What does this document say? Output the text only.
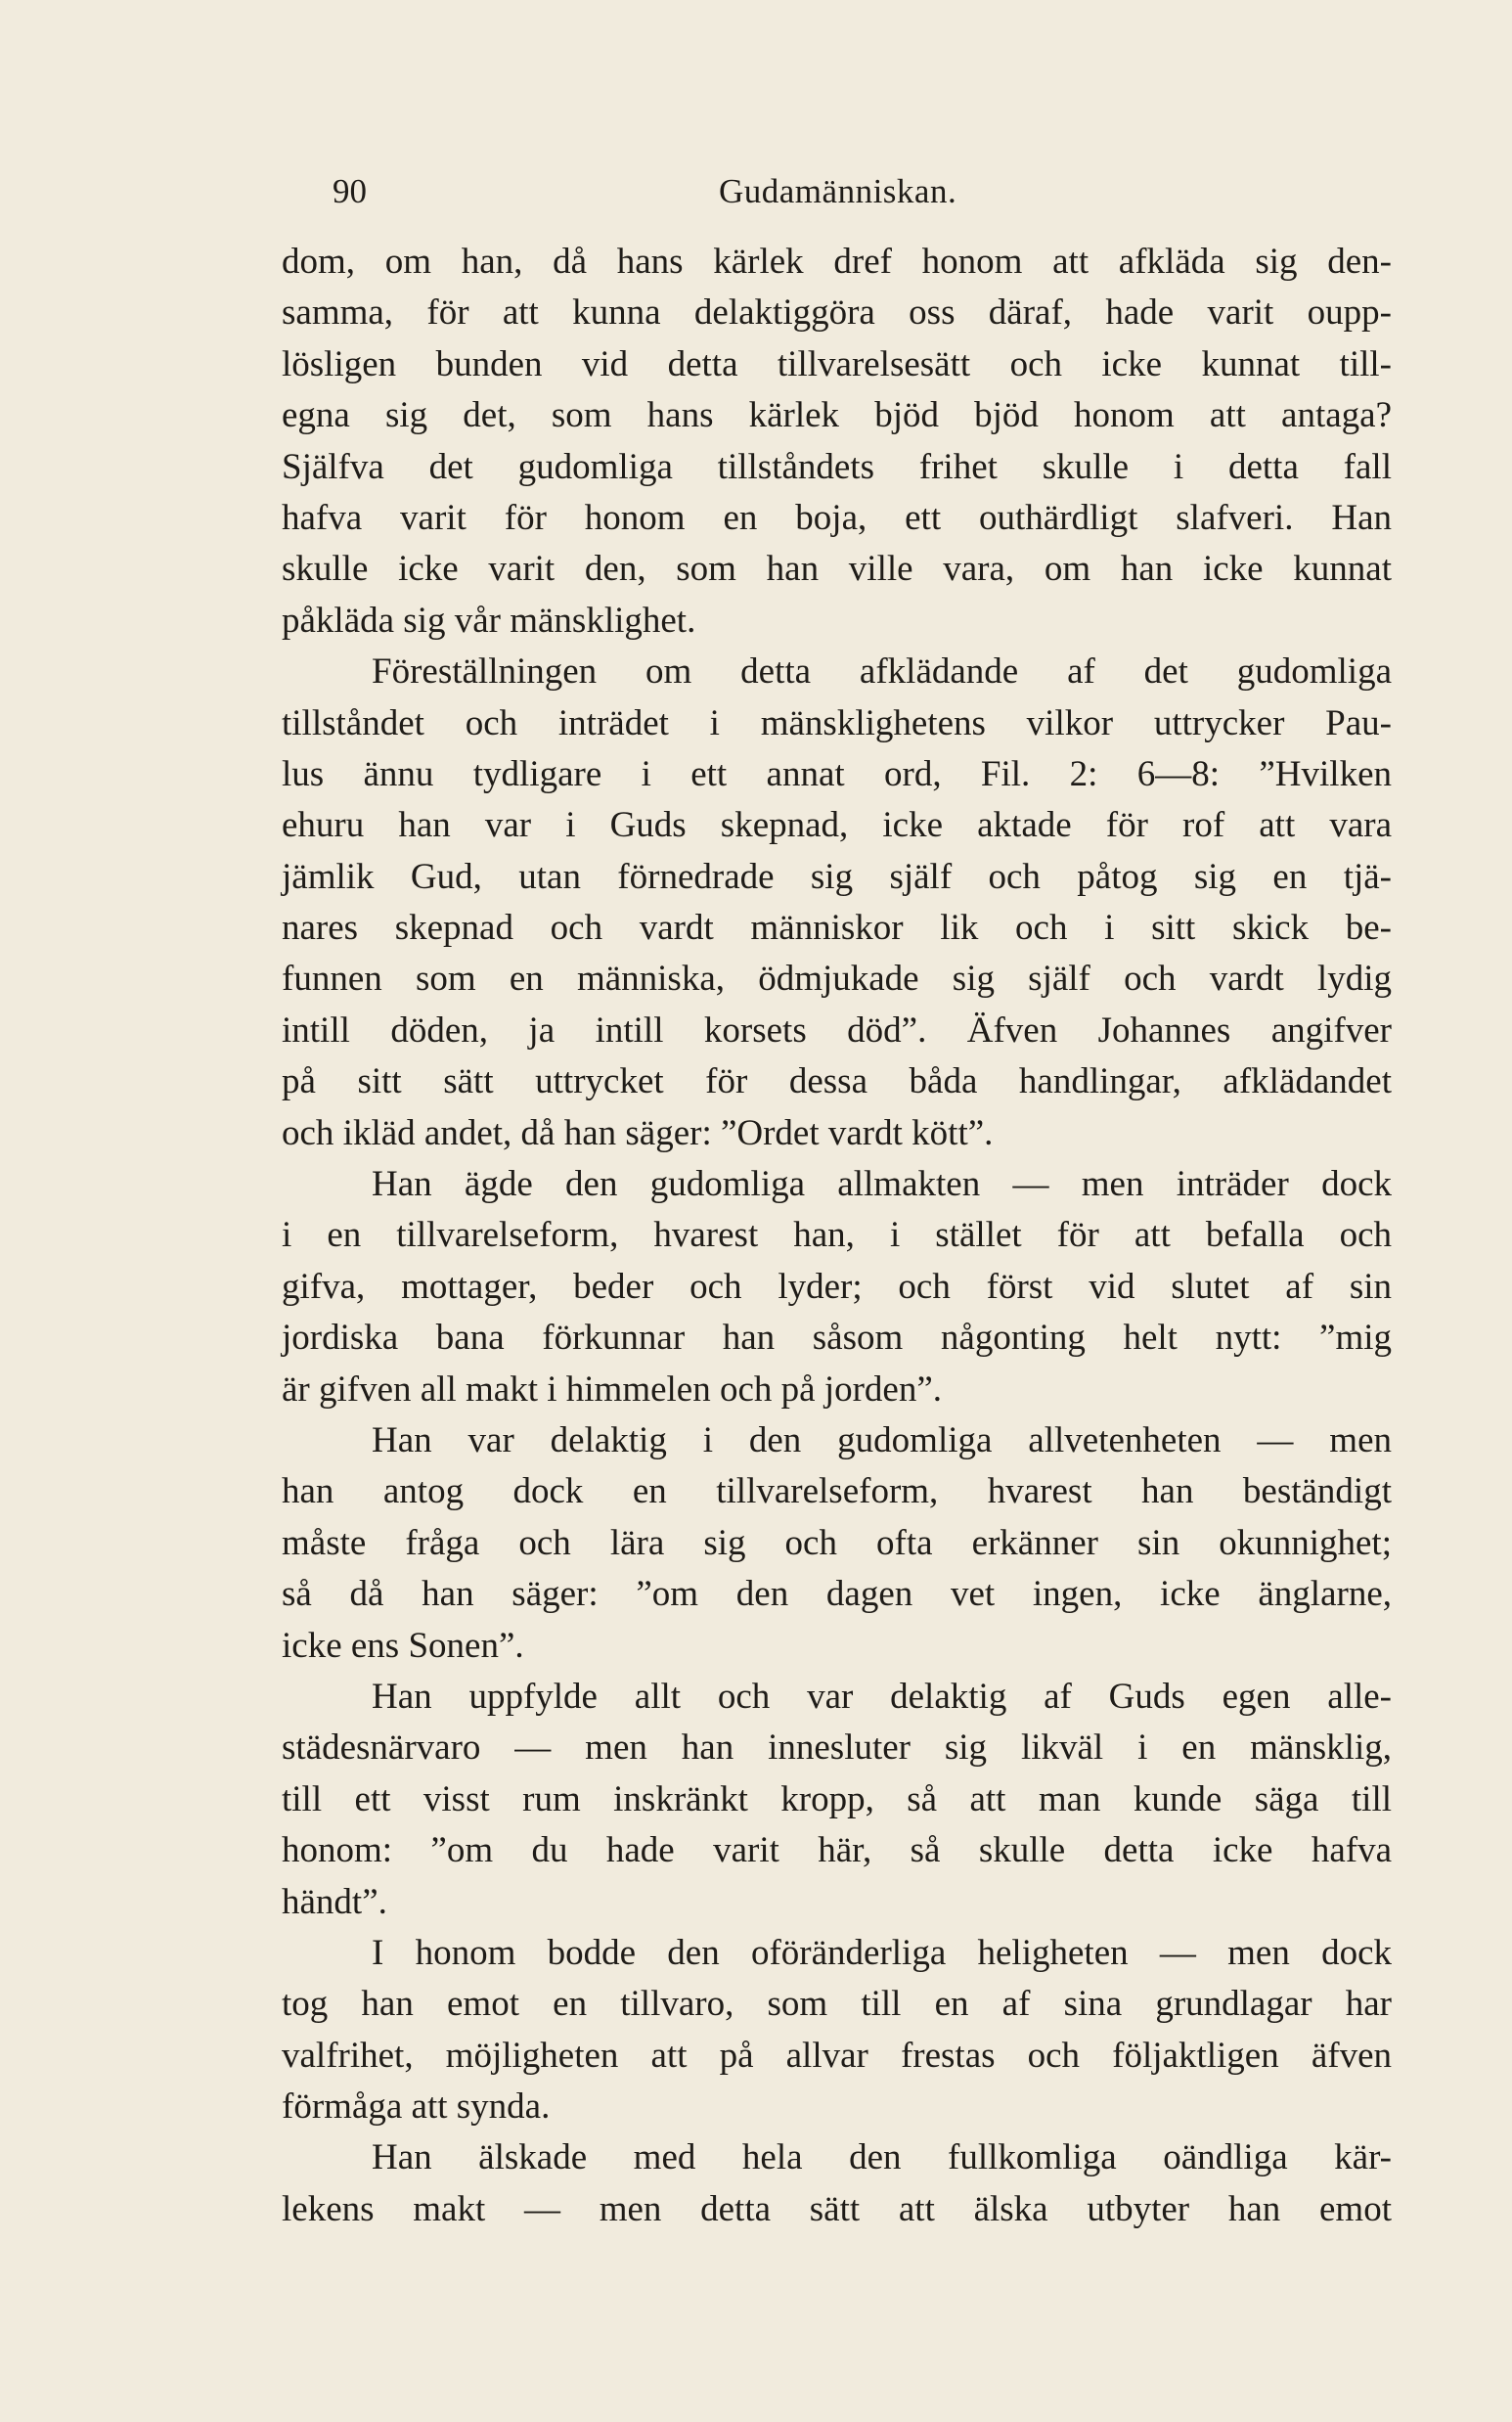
90	Gudamänniskan.
dom, om han, då hans kärlek dref honom att afkläda sig den-
samma, för att kunna delaktiggöra oss däraf, hade varit oupp-
lösligen bunden vid detta tillvarelsesätt och icke kunnat till-
egna sig det, som hans kärlek bjöd bjöd honom att antaga?
Själfva det gudomliga tillståndets frihet skulle i detta fall
hafva varit för honom en boja, ett outhärdligt slafveri. Han
skulle icke varit den, som han ville vara, om han icke kunnat
påkläda sig vår mänsklighet.
Föreställningen om detta afklädande af det gudomliga
tillståndet och inträdet i mänsklighetens vilkor uttrycker Pau-
lus ännu tydligare i ett annat ord, Fil. 2: 6—8: ”Hvilken
ehuru han var i Guds skepnad, icke aktade för rof att vara
jämlik Gud, utan förnedrade sig själf och påtog sig en tjä-
nares skepnad och vardt människor lik och i sitt skick be-
funnen som en människa, ödmjukade sig själf och vardt lydig
intill döden, ja intill korsets död”. Äfven Johannes angifver
på sitt sätt uttrycket för dessa båda handlingar, afklädandet
och ikläd andet, då han säger: ”Ordet vardt kött”.
Han ägde den gudomliga allmakten — men inträder dock
i en tillvarelseform, hvarest han, i stället för att befalla och
gifva, mottager, beder och lyder; och först vid slutet af sin
jordiska bana förkunnar han såsom någonting helt nytt: ”mig
är gifven all makt i himmelen och på jorden”.
Han var delaktig i den gudomliga allvetenheten — men
han antog dock en tillvarelseform, hvarest han beständigt
måste fråga och lära sig och ofta erkänner sin okunnighet;
så då han säger: ”om den dagen vet ingen, icke änglarne,
icke ens Sonen”.
Han uppfylde allt och var delaktig af Guds egen alle-
städesnärvaro — men han innesluter sig likväl i en mänsklig,
till ett visst rum inskränkt kropp, så att man kunde säga till
honom: ”om du hade varit här, så skulle detta icke hafva
händt”.
I honom bodde den oföränderliga heligheten — men dock
tog han emot en tillvaro, som till en af sina grundlagar har
valfrihet, möjligheten att på allvar frestas och följaktligen äfven
förmåga att synda.
Han älskade med hela den fullkomliga oändliga kär-
lekens makt — men detta sätt att älska utbyter han emot
